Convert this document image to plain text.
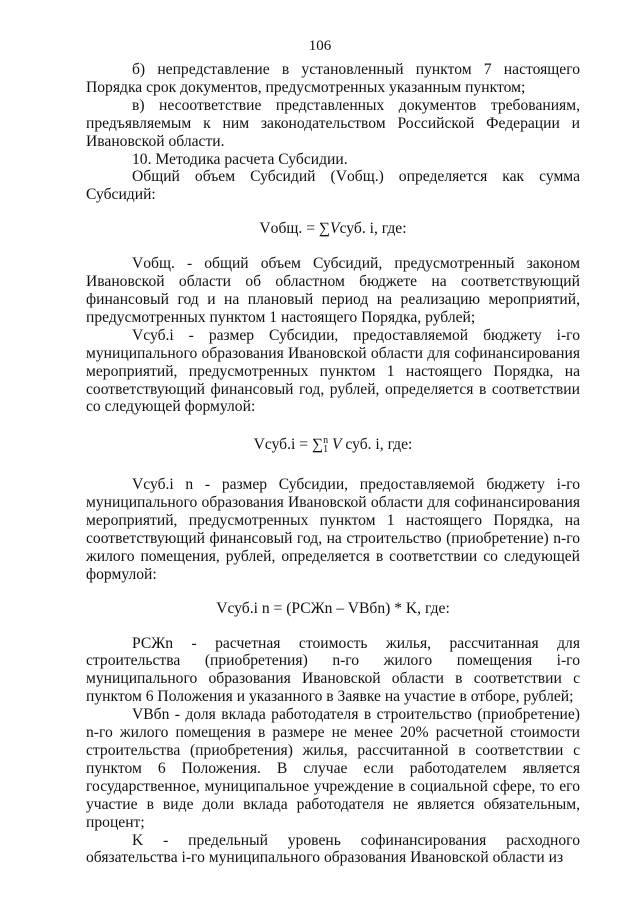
106

б) непредставление в установленный пунктом 7 настоящего Порядка срок документов, предусмотренных указанным пунктом;

в) несоответствие представленных документов требованиям, предъявляемым к ним законодательством Российской Федерации и Ивановской области.

10. Методика расчета Субсидии.

Общий объем Субсидий (Vобщ.) определяется как сумма Субсидий:

Vобщ. = ∑Vсуб. i, где:

Vобщ. - общий объем Субсидий, предусмотренный законом Ивановской области об областном бюджете на соответствующий финансовый год и на плановый период на реализацию мероприятий, предусмотренных пунктом 1 настоящего Порядка, рублей;

Vсуб.i - размер Субсидии, предоставляемой бюджету i-го муниципального образования Ивановской области для софинансирования мероприятий, предусмотренных пунктом 1 настоящего Порядка, на соответствующий финансовый год, рублей, определяется в соответствии со следующей формулой:

Vсуб.i = ∑$^n$1 V суб. i, где:

Vсуб.i n - размер Субсидии, предоставляемой бюджету i-го муниципального образования Ивановской области для софинансирования мероприятий, предусмотренных пунктом 1 настоящего Порядка, на соответствующий финансовый год, на строительство (приобретение) n-го жилого помещения, рублей, определяется в соответствии со следующей формулой:

Vсуб.i n = (РСЖn – VBбn) * K, где:

РСЖn - расчетная стоимость жилья, рассчитанная для строительства (приобретения) n-го жилого помещения i-го муниципального образования Ивановской области в соответствии с пунктом 6 Положения и указанного в Заявке на участие в отборе, рублей;

VBбn - доля вклада работодателя в строительство (приобретение) n-го жилого помещения в размере не менее 20% расчетной стоимости строительства (приобретения) жилья, рассчитанной в соответствии с пунктом 6 Положения. В случае если работодателем является государственное, муниципальное учреждение в социальной сфере, то его участие в виде доли вклада работодателя не является обязательным, процент;

K - предельный уровень софинансирования расходного обязательства i-го муниципального образования Ивановской области из
